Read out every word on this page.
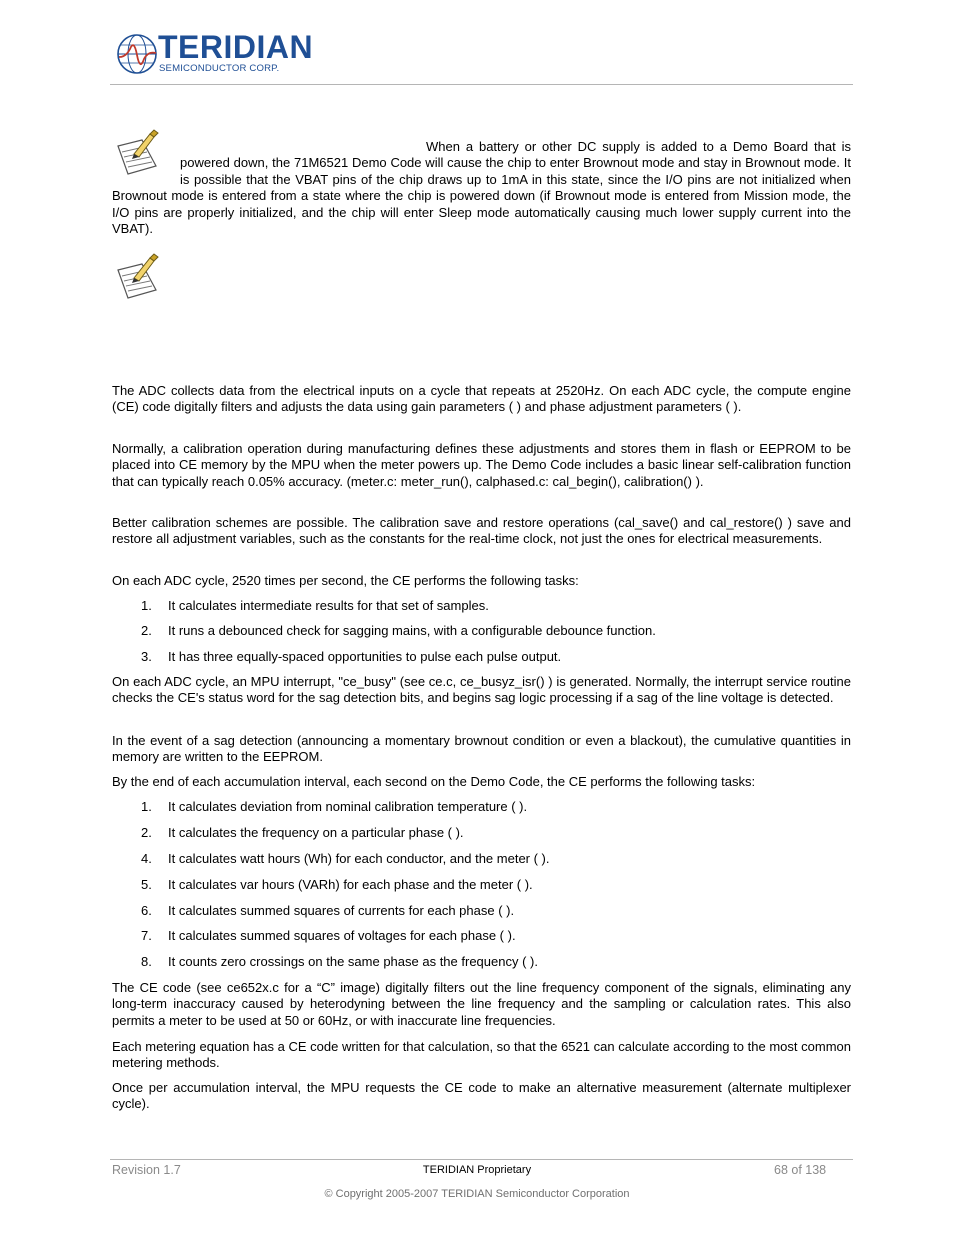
TERIDIAN
SEMICONDUCTOR CORP.
When a battery or other DC supply is added to a Demo Board that is powered down, the 71M6521 Demo Code will cause the chip to enter Brownout mode and stay in Brownout mode. It is possible that the VBAT pins of the chip draws up to 1mA in this state, since the I/O pins are not initialized when Brownout mode is entered from a state where the chip is powered down (if Brownout mode is entered from Mission mode, the I/O pins are properly initialized, and the chip will enter Sleep mode automatically causing much lower supply current into the VBAT).
The ADC collects data from the electrical inputs on a cycle that repeats at 2520Hz. On each ADC cycle, the compute engine (CE) code digitally filters and adjusts the data using gain parameters ( ) and phase adjustment parameters ( ).
Normally, a calibration operation during manufacturing defines these adjustments and stores them in flash or EEPROM to be placed into CE memory by the MPU when the meter powers up. The Demo Code includes a basic linear self-calibration function that can typically reach 0.05% accuracy. (meter.c: meter_run(), calphased.c: cal_begin(), calibration() ).
Better calibration schemes are possible. The calibration save and restore operations (cal_save() and cal_restore() ) save and restore all adjustment variables, such as the constants for the real-time clock, not just the ones for electrical measurements.
On each ADC cycle, 2520 times per second, the CE performs the following tasks:
1. It calculates intermediate results for that set of samples.
2. It runs a debounced check for sagging mains, with a configurable debounce function.
3. It has three equally-spaced opportunities to pulse each pulse output.
On each ADC cycle, an MPU interrupt, "ce_busy" (see ce.c, ce_busyz_isr() ) is generated. Normally, the interrupt service routine checks the CE's status word for the sag detection bits, and begins sag logic processing if a sag of the line voltage is detected.
In the event of a sag detection (announcing a momentary brownout condition or even a blackout), the cumulative quantities in memory are written to the EEPROM.
By the end of each accumulation interval, each second on the Demo Code, the CE performs the following tasks:
1. It calculates deviation from nominal calibration temperature ( ).
2. It calculates the frequency on a particular phase ( ).
4. It calculates watt hours (Wh) for each conductor, and the meter ( ).
5. It calculates var hours (VARh) for each phase and the meter ( ).
6. It calculates summed squares of currents for each phase ( ).
7. It calculates summed squares of voltages for each phase ( ).
8. It counts zero crossings on the same phase as the frequency ( ).
The CE code (see ce652x.c for a “C” image) digitally filters out the line frequency component of the signals, eliminating any long-term inaccuracy caused by heterodyning between the line frequency and the sampling or calculation rates. This also permits a meter to be used at 50 or 60Hz, or with inaccurate line frequencies.
Each metering equation has a CE code written for that calculation, so that the 6521 can calculate according to the most common metering methods.
Once per accumulation interval, the MPU requests the CE code to make an alternative measurement (alternate multiplexer cycle).
Revision 1.7	TERIDIAN Proprietary	68 of 138
© Copyright 2005-2007 TERIDIAN Semiconductor Corporation
